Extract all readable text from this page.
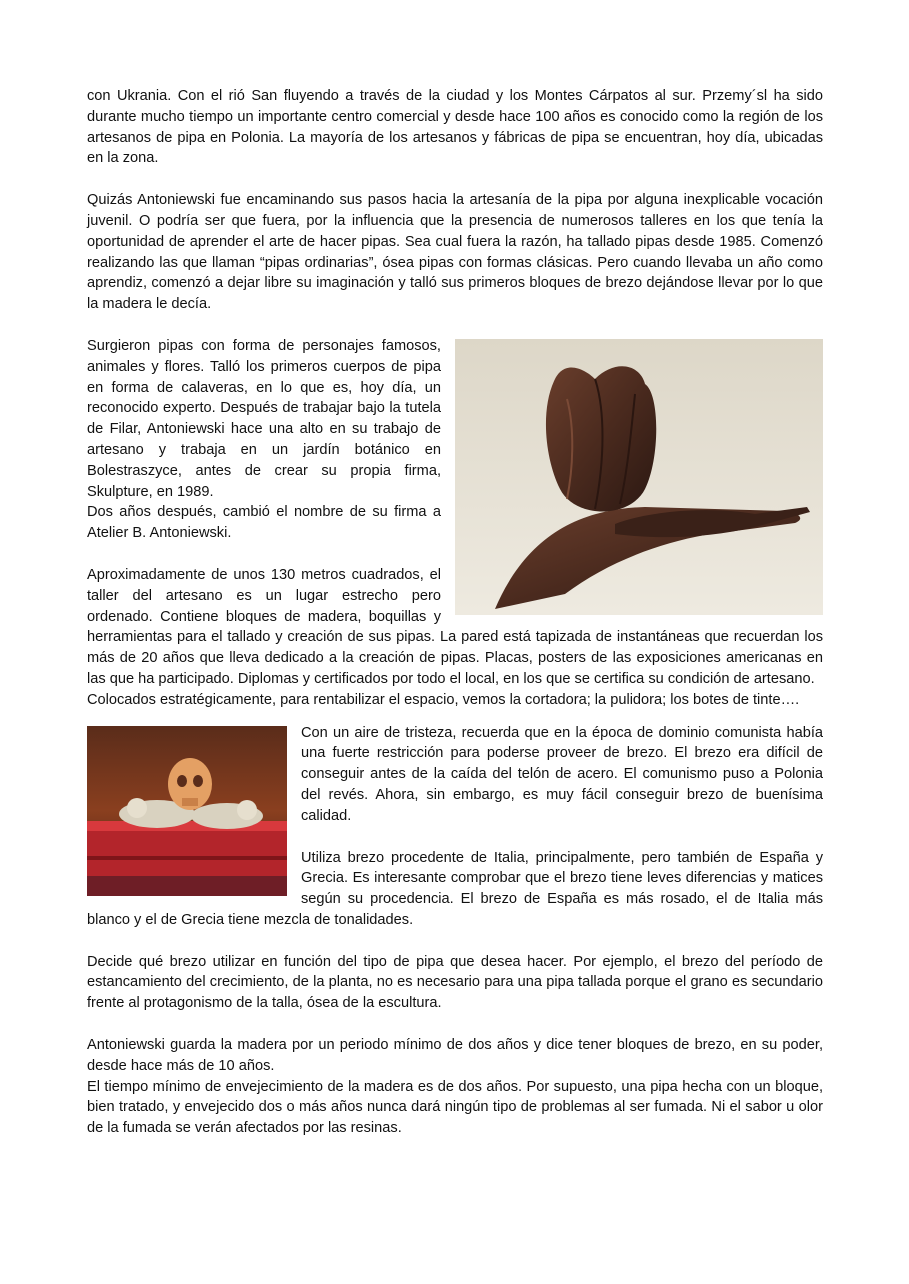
con Ukrania. Con el rió San fluyendo a través de la ciudad y los Montes Cárpatos al sur. Przemy´sl ha sido durante mucho tiempo un importante centro comercial y desde hace 100 años es conocido como la región de los artesanos de pipa en Polonia. La mayoría de los artesanos y fábricas de pipa se encuentran, hoy día, ubicadas en la zona.

Quizás Antoniewski fue encaminando sus pasos hacia la artesanía de la pipa por alguna inexplicable vocación juvenil. O podría ser que fuera, por la influencia que la presencia de numerosos talleres en los que tenía la oportunidad de aprender el arte de hacer pipas. Sea cual fuera la razón, ha tallado pipas desde 1985. Comenzó realizando las que llaman “pipas ordinarias”, ósea pipas con formas clásicas. Pero cuando llevaba un año como aprendiz, comenzó a dejar libre su imaginación y talló sus primeros bloques de brezo dejándose llevar por lo que la madera le decía.

Surgieron pipas con forma de personajes famosos, animales y flores. Talló los primeros cuerpos de pipa en forma de calaveras, en lo que es, hoy día, un reconocido experto. Después de trabajar bajo la tutela de Filar, Antoniewski hace una alto en su trabajo de artesano y trabaja en un jardín botánico en Bolestraszyce, antes de crear su propia firma, Skulpture, en 1989.

Dos años después, cambió el nombre de su firma a Atelier B. Antoniewski.

Aproximadamente de unos 130 metros cuadrados, el taller del artesano es un lugar estrecho pero ordenado. Contiene bloques de madera, boquillas y herramientas para el tallado y creación de sus pipas. La pared está tapizada de instantáneas que recuerdan los más de 20 años que lleva dedicado a la creación de pipas. Placas, posters de las exposiciones americanas en las que ha participado. Diplomas y certificados por todo el local, en los que se certifica su condición de artesano.

Colocados estratégicamente, para rentabilizar el espacio, vemos la cortadora; la pulidora; los botes de tinte….

Con un aire de tristeza, recuerda que en la época de dominio comunista había una fuerte restricción para poderse proveer de brezo. El brezo era difícil de conseguir antes de la caída del telón de acero. El comunismo puso a Polonia del revés. Ahora, sin embargo, es muy fácil conseguir brezo de buenísima calidad.

Utiliza brezo procedente de Italia, principalmente, pero también de España y Grecia. Es interesante comprobar que el brezo tiene leves diferencias y matices según su procedencia. El brezo de España es más rosado, el de Italia más blanco y el de Grecia tiene mezcla de tonalidades.

Decide qué brezo utilizar en función del tipo de pipa que desea hacer. Por ejemplo, el brezo del período de estancamiento del crecimiento, de la planta, no es necesario para una pipa tallada porque el grano es secundario frente al protagonismo de la talla, ósea de la escultura.

Antoniewski guarda la madera por un periodo mínimo de dos años y dice tener bloques de brezo, en su poder, desde hace más de 10 años.

El tiempo mínimo de envejecimiento de la madera es de dos años. Por supuesto, una pipa hecha con un bloque, bien tratado, y envejecido dos o más años nunca dará ningún tipo de problemas al ser fumada. Ni el sabor u olor de la fumada se verán afectados por las resinas.
